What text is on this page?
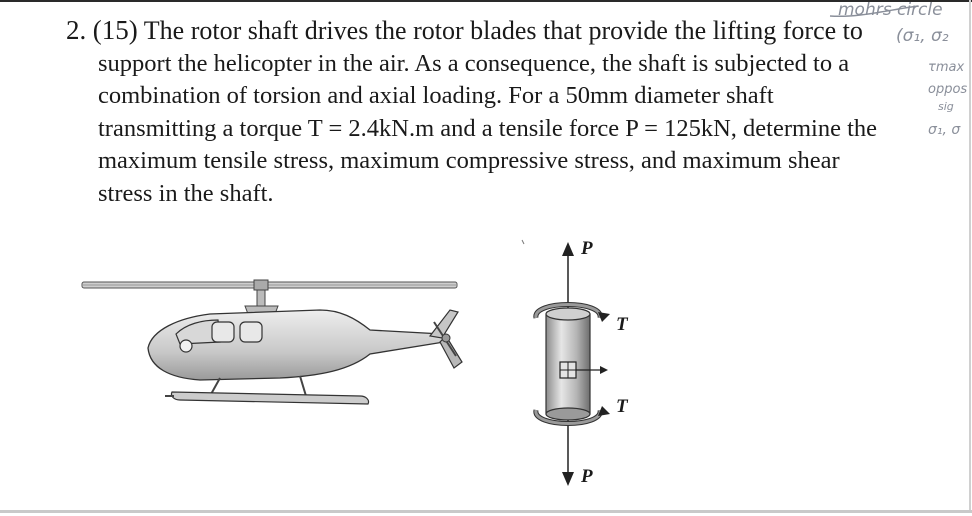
2. (15) The rotor shaft drives the rotor blades that provide the lifting force to
support the helicopter in the air. As a consequence, the shaft is subjected to a
combination of torsion and axial loading. For a 50mm diameter shaft
transmitting a torque T = 2.4kN.m and a tensile force P = 125kN, determine the
maximum tensile stress, maximum compressive stress, and maximum shear
stress in the shaft.
mohrs circle
(σ₁, σ₂
τmax
oppos
sig
σ₁, σ
P
T
T
P
